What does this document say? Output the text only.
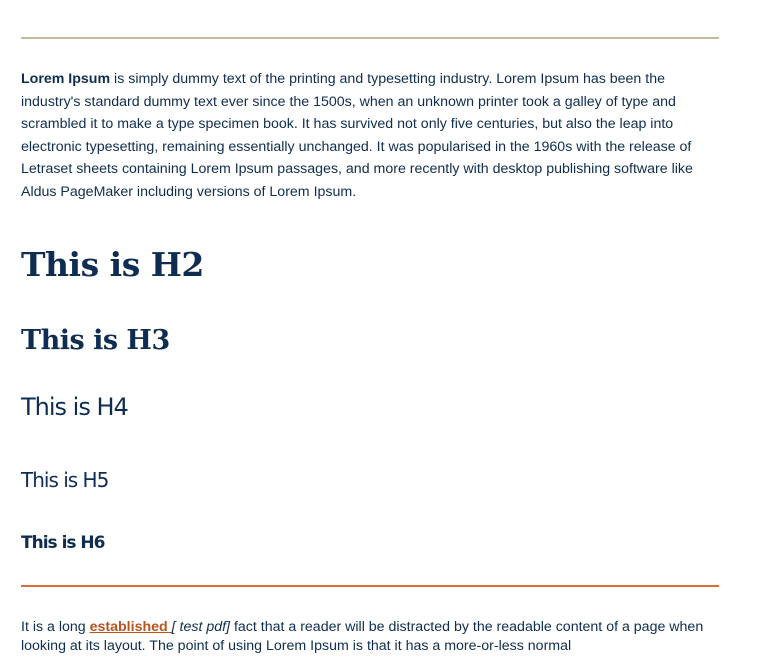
Lorem Ipsum is simply dummy text of the printing and typesetting industry. Lorem Ipsum has been the industry's standard dummy text ever since the 1500s, when an unknown printer took a galley of type and scrambled it to make a type specimen book. It has survived not only five centuries, but also the leap into electronic typesetting, remaining essentially unchanged. It was popularised in the 1960s with the release of Letraset sheets containing Lorem Ipsum passages, and more recently with desktop publishing software like Aldus PageMaker including versions of Lorem Ipsum.

This is H2
This is H3
This is H4
This is H5
This is H6

It is a long established [ test pdf] fact that a reader will be distracted by the readable content of a page when looking at its layout. The point of using Lorem Ipsum is that it has a more-or-less normal
